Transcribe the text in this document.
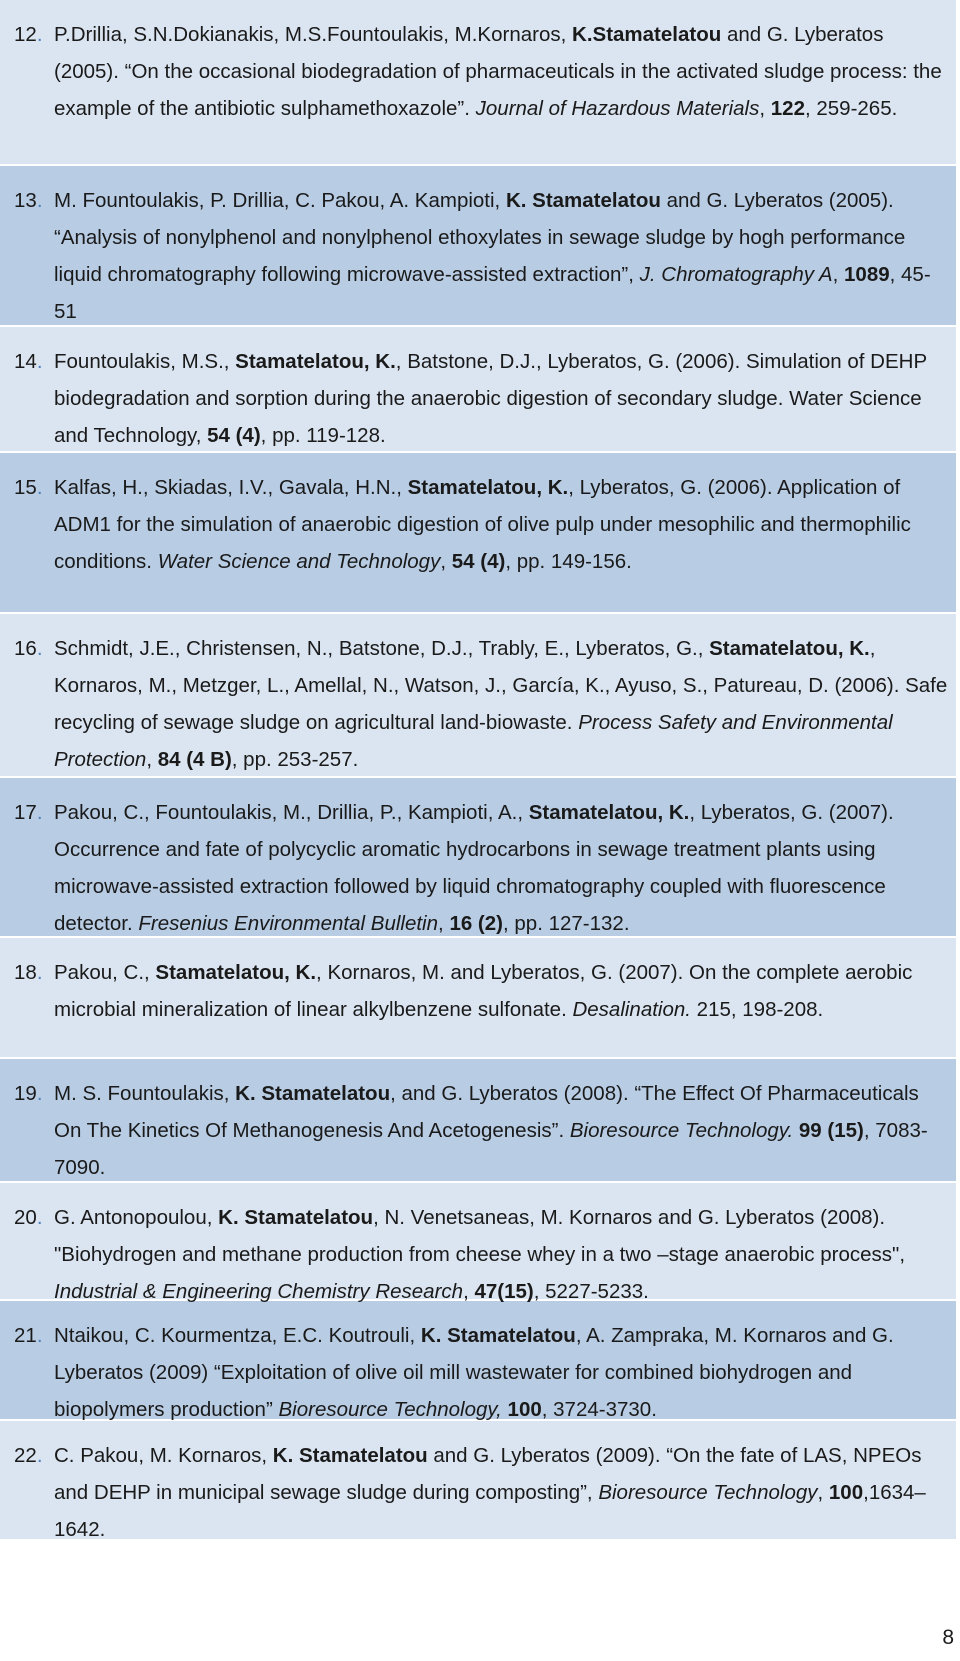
12. P.Drillia, S.N.Dokianakis, M.S.Fountoulakis, M.Kornaros, K.Stamatelatou and G. Lyberatos (2005). “On the occasional biodegradation of pharmaceuticals in the activated sludge process: the example of the antibiotic sulphamethoxazole”. Journal of Hazardous Materials, 122, 259-265.
13. M. Fountoulakis, P. Drillia, C. Pakou, A. Kampioti, K. Stamatelatou and G. Lyberatos (2005). “Analysis of nonylphenol and nonylphenol ethoxylates in sewage sludge by hogh performance liquid chromatography following microwave-assisted extraction”, J. Chromatography A, 1089, 45-51
14. Fountoulakis, M.S., Stamatelatou, K., Batstone, D.J., Lyberatos, G. (2006). Simulation of DEHP biodegradation and sorption during the anaerobic digestion of secondary sludge. Water Science and Technology, 54 (4), pp. 119-128.
15. Kalfas, H., Skiadas, I.V., Gavala, H.N., Stamatelatou, K., Lyberatos, G. (2006). Application of ADM1 for the simulation of anaerobic digestion of olive pulp under mesophilic and thermophilic conditions. Water Science and Technology, 54 (4), pp. 149-156.
16. Schmidt, J.E., Christensen, N., Batstone, D.J., Trably, E., Lyberatos, G., Stamatelatou, K., Kornaros, M., Metzger, L., Amellal, N., Watson, J., García, K., Ayuso, S., Patureau, D. (2006). Safe recycling of sewage sludge on agricultural land-biowaste. Process Safety and Environmental Protection, 84 (4 B), pp. 253-257.
17. Pakou, C., Fountoulakis, M., Drillia, P., Kampioti, A., Stamatelatou, K., Lyberatos, G. (2007). Occurrence and fate of polycyclic aromatic hydrocarbons in sewage treatment plants using microwave-assisted extraction followed by liquid chromatography coupled with fluorescence detector. Fresenius Environmental Bulletin, 16 (2), pp. 127-132.
18. Pakou, C., Stamatelatou, K., Kornaros, M. and Lyberatos, G. (2007). On the complete aerobic microbial mineralization of linear alkylbenzene sulfonate. Desalination. 215, 198-208.
19. M. S. Fountoulakis, K. Stamatelatou, and G. Lyberatos (2008). “The Effect Of Pharmaceuticals On The Kinetics Of Methanogenesis And Acetogenesis”. Bioresource Technology. 99 (15), 7083-7090.
20. G. Antonopoulou, K. Stamatelatou, N. Venetsaneas, M. Kornaros and G. Lyberatos (2008). "Biohydrogen and methane production from cheese whey in a two –stage anaerobic process", Industrial & Engineering Chemistry Research, 47(15), 5227-5233.
21. Ntaikou, C. Kourmentza, E.C. Koutrouli, K. Stamatelatou, A. Zampraka, M. Kornaros and G. Lyberatos (2009) “Exploitation of olive oil mill wastewater for combined biohydrogen and biopolymers production” Bioresource Technology, 100, 3724-3730.
22. C. Pakou, M. Kornaros, K. Stamatelatou and G. Lyberatos (2009). “On the fate of LAS, NPEOs and DEHP in municipal sewage sludge during composting”, Bioresource Technology, 100,1634–1642.
8
